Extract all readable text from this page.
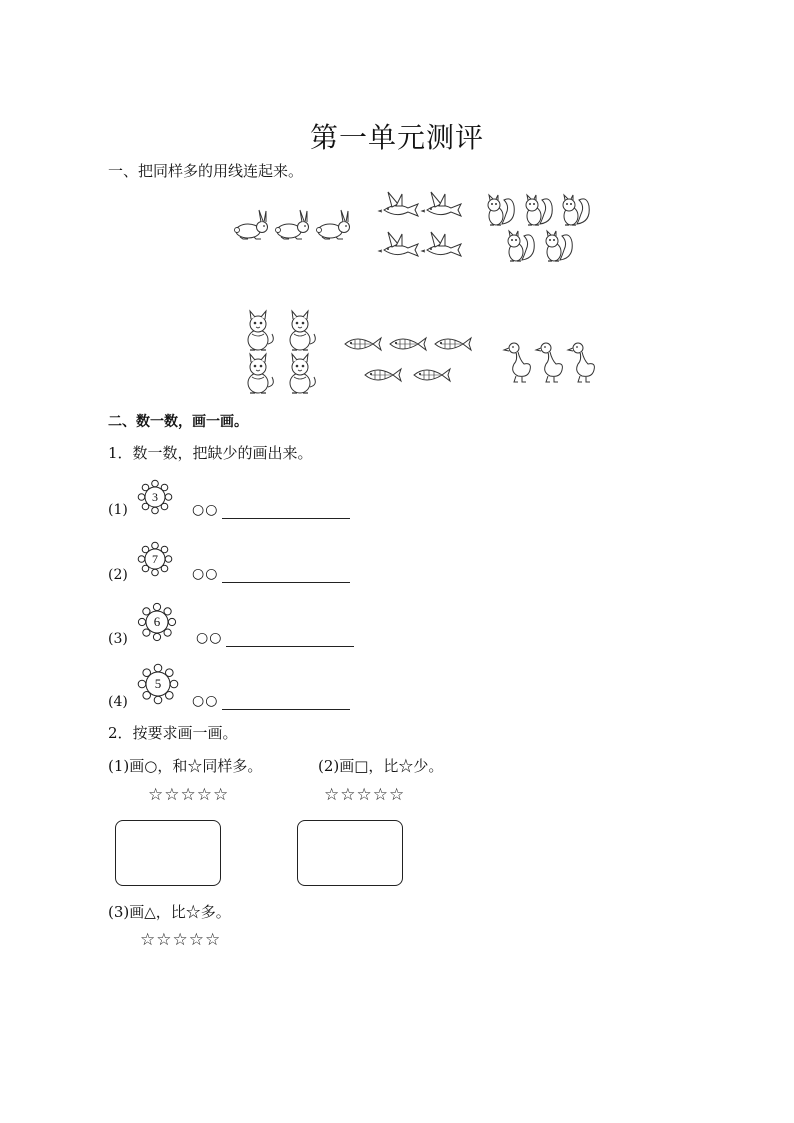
第一单元测评
一、把同样多的用线连起来。
二、数一数，画一画。
1．数一数，把缺少的画出来。
(1)
3
○○
(2)
7
○○
(3)
6
○○
(4)
5
○○
2．按要求画一画。
(1)画○，和☆同样多。
☆☆☆☆☆
(2)画□，比☆少。
☆☆☆☆☆
(3)画△，比☆多。
☆☆☆☆☆
